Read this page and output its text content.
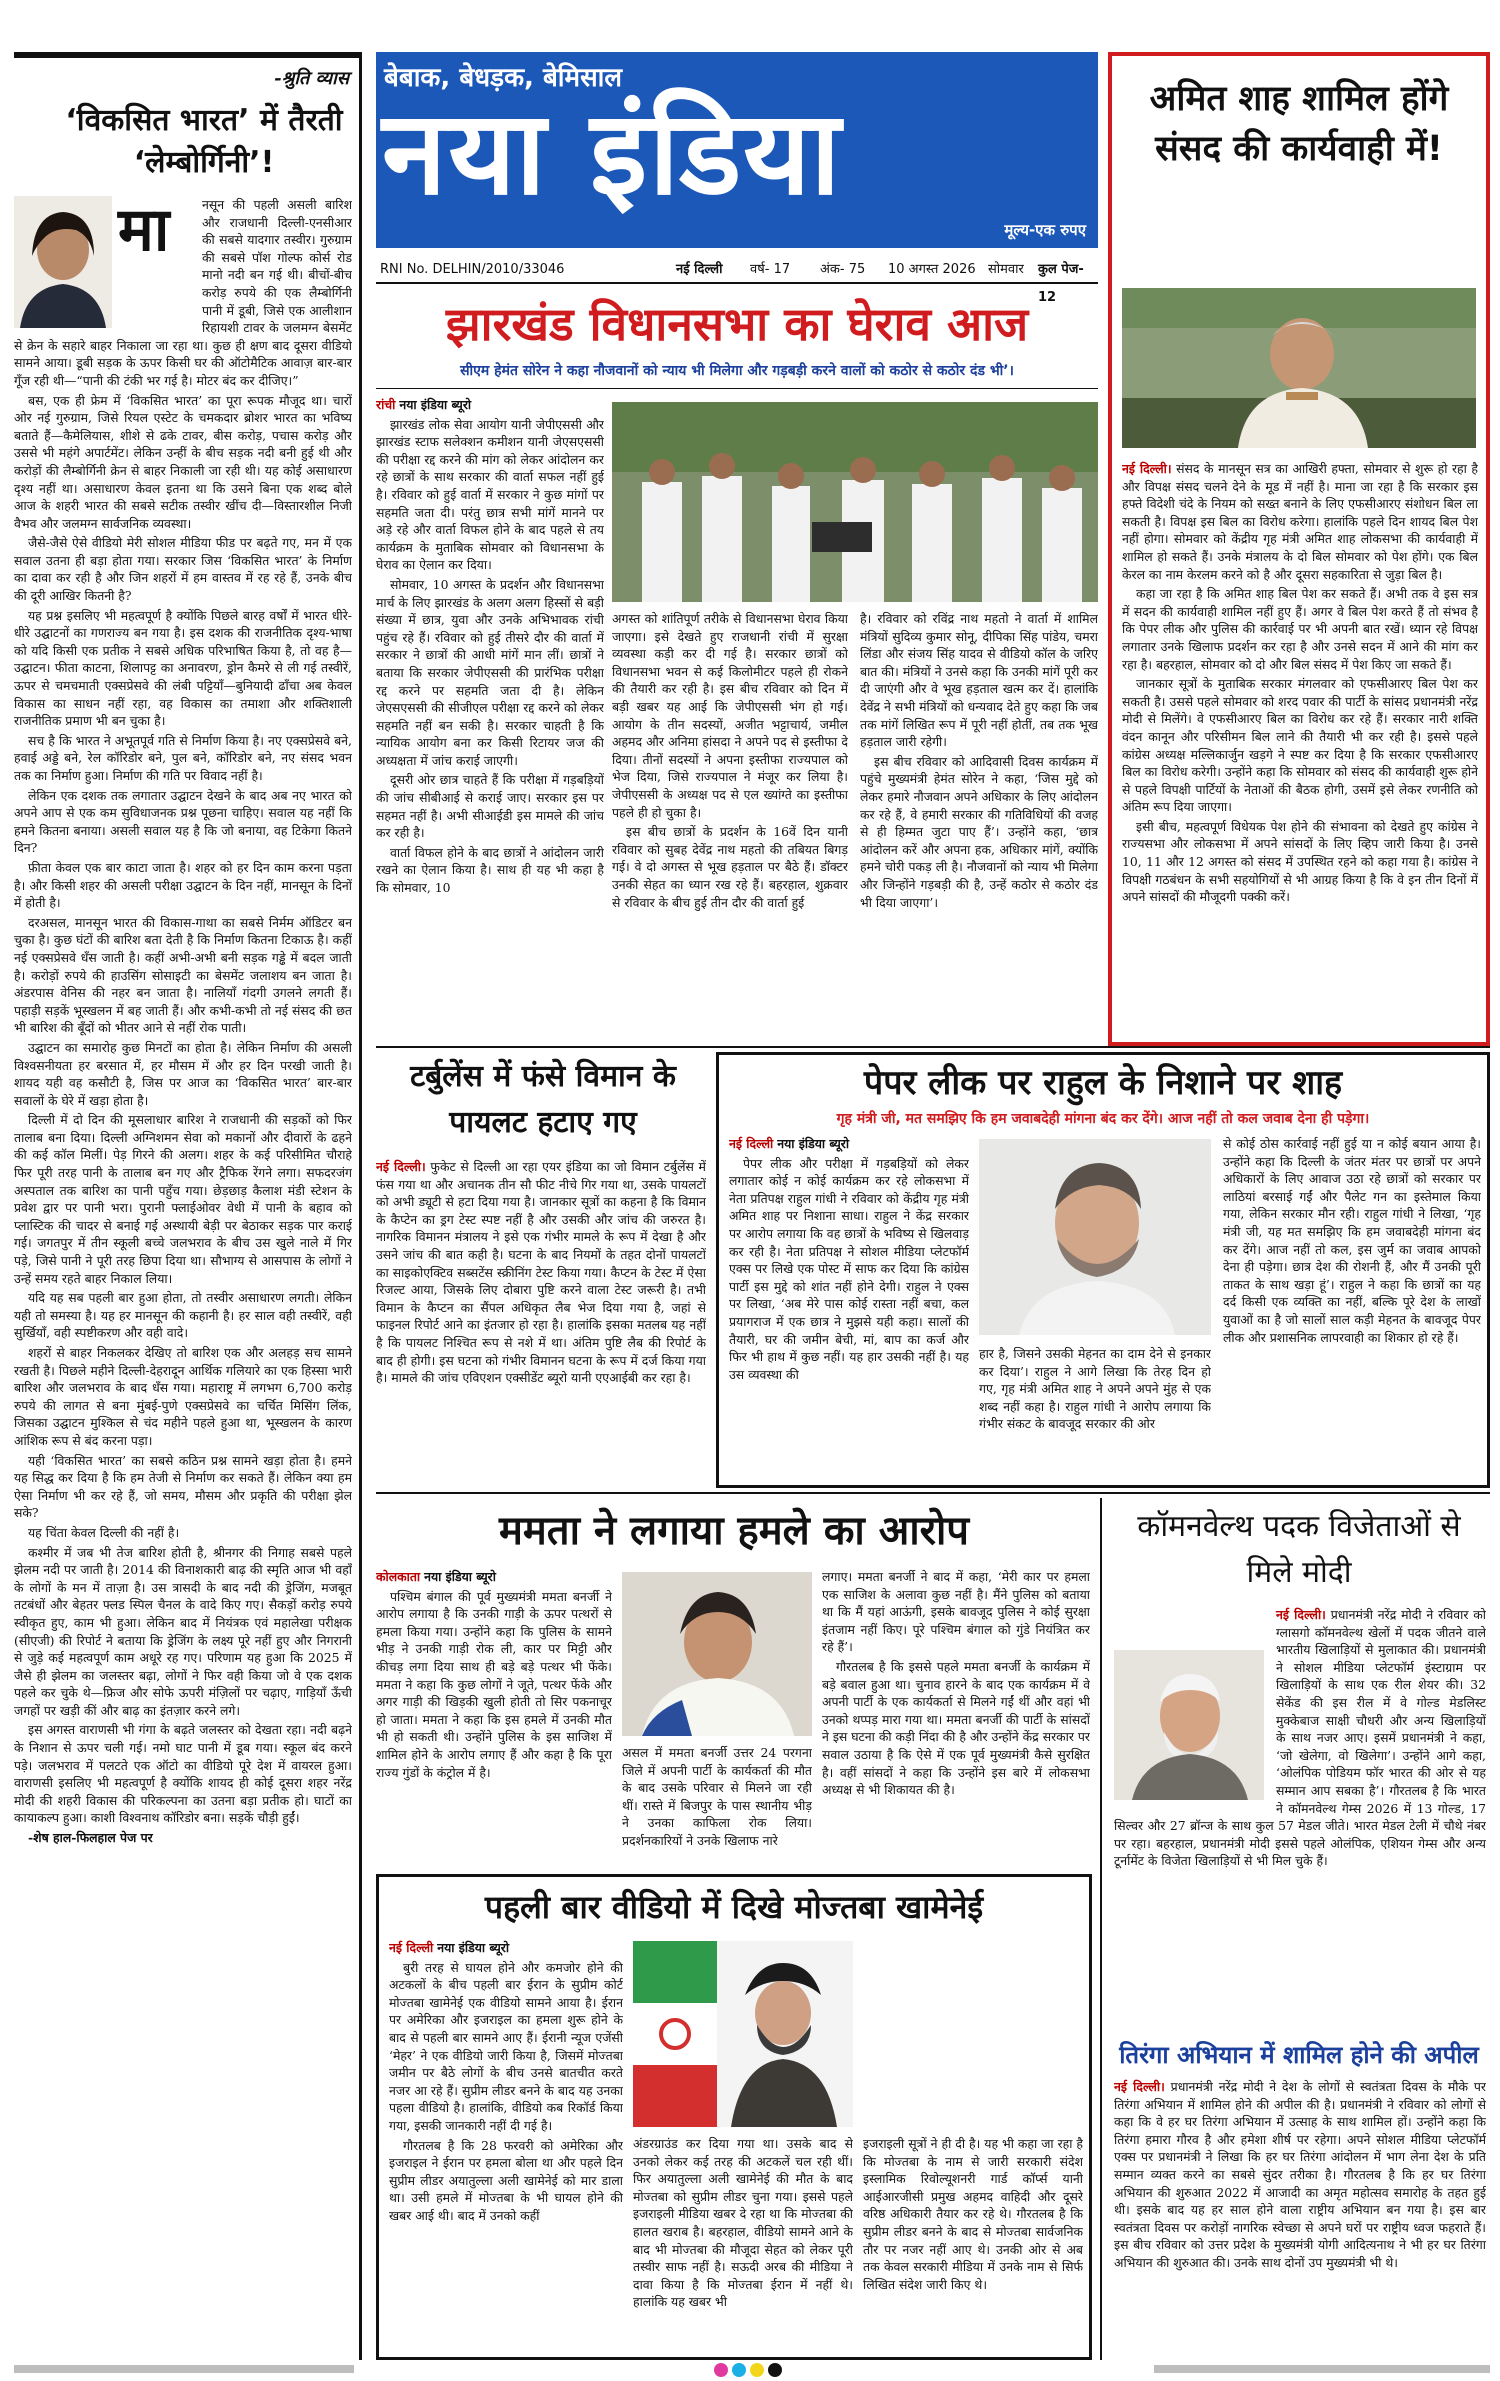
-श्रुति व्यास
‘विकसित भारत’ में तैरती ‘लेम्बोर्गिनी’!
मा	नसून की पहली असली बारिश और राजधानी दिल्ली-एनसीआर की सबसे यादगार तस्वीर। गुरुग्राम की सबसे पॉश गोल्फ कोर्स रोड मानो नदी बन गई थी। बीचों-बीच करोड़ रुपये की एक लैम्बोर्गिनी पानी में डूबी, जिसे एक आलीशान रिहायशी टावर के जलमग्न बेसमेंट से क्रेन के सहारे बाहर निकाला जा रहा था। कुछ ही क्षण बाद दूसरा वीडियो सामने आया। डूबी सड़क के ऊपर किसी घर की ऑटोमैटिक आवाज़ बार-बार गूँज रही थी—“पानी की टंकी भर गई है। मोटर बंद कर दीजिए।”

बस, एक ही फ्रेम में ‘विकसित भारत’ का पूरा रूपक मौजूद था। चारों ओर नई गुरुग्राम, जिसे रियल एस्टेट के चमकदार ब्रोशर भारत का भविष्य बताते हैं—कैमेलियास, शीशे से ढके टावर, बीस करोड़, पचास करोड़ और उससे भी महंगे अपार्टमेंट। लेकिन उन्हीं के बीच सड़क नदी बनी हुई थी और करोड़ों की लैम्बोर्गिनी क्रेन से बाहर निकाली जा रही थी। यह कोई असाधारण दृश्य नहीं था। असाधारण केवल इतना था कि उसने बिना एक शब्द बोले आज के शहरी भारत की सबसे सटीक तस्वीर खींच दी—विस्तारशील निजी वैभव और जलमग्न सार्वजनिक व्यवस्था।

जैसे-जैसे ऐसे वीडियो मेरी सोशल मीडिया फीड पर बढ़ते गए, मन में एक सवाल उतना ही बड़ा होता गया। सरकार जिस ‘विकसित भारत’ के निर्माण का दावा कर रही है और जिन शहरों में हम वास्तव में रह रहे हैं, उनके बीच की दूरी आखिर कितनी है?

यह प्रश्न इसलिए भी महत्वपूर्ण है क्योंकि पिछले बारह वर्षों में भारत धीरे-धीरे उद्घाटनों का गणराज्य बन गया है। इस दशक की राजनीतिक दृश्य-भाषा को यदि किसी एक प्रतीक ने सबसे अधिक परिभाषित किया है, तो वह है—उद्घाटन। फीता काटना, शिलापट्ट का अनावरण, ड्रोन कैमरे से ली गई तस्वीरें, ऊपर से चमचमाती एक्सप्रेसवे की लंबी पट्टियाँ—बुनियादी ढाँचा अब केवल विकास का साधन नहीं रहा, वह विकास का तमाशा और शक्तिशाली राजनीतिक प्रमाण भी बन चुका है।

सच है कि भारत ने अभूतपूर्व गति से निर्माण किया है। नए एक्सप्रेसवे बने, हवाई अड्डे बने, रेल कॉरिडोर बने, पुल बने, कॉरिडोर बने, नए संसद भवन तक का निर्माण हुआ। निर्माण की गति पर विवाद नहीं है।

लेकिन एक दशक तक लगातार उद्घाटन देखने के बाद अब नए भारत को अपने आप से एक कम सुविधाजनक प्रश्न पूछना चाहिए। सवाल यह नहीं कि हमने कितना बनाया। असली सवाल यह है कि जो बनाया, वह टिकेगा कितने दिन?

फ़ीता केवल एक बार काटा जाता है। शहर को हर दिन काम करना पड़ता है। और किसी शहर की असली परीक्षा उद्घाटन के दिन नहीं, मानसून के दिनों में होती है।

दरअसल, मानसून भारत की विकास-गाथा का सबसे निर्मम ऑडिटर बन चुका है। कुछ घंटों की बारिश बता देती है कि निर्माण कितना टिकाऊ है। कहीं नई एक्सप्रेसवे धँस जाती है। कहीं अभी-अभी बनी सड़क गड्ढे में बदल जाती है। करोड़ों रुपये की हाउसिंग सोसाइटी का बेसमेंट जलाशय बन जाता है। अंडरपास वेनिस की नहर बन जाता है। नालियाँ गंदगी उगलने लगती हैं। पहाड़ी सड़कें भूस्खलन में बह जाती हैं। और कभी-कभी तो नई संसद की छत भी बारिश की बूँदों को भीतर आने से नहीं रोक पाती।

उद्घाटन का समारोह कुछ मिनटों का होता है। लेकिन निर्माण की असली विश्वसनीयता हर बरसात में, हर मौसम में और हर दिन परखी जाती है। शायद यही वह कसौटी है, जिस पर आज का ‘विकसित भारत’ बार-बार सवालों के घेरे में खड़ा होता है।

दिल्ली में दो दिन की मूसलाधार बारिश ने राजधानी की सड़कों को फिर तालाब बना दिया। दिल्ली अग्निशमन सेवा को मकानों और दीवारों के ढहने की कई कॉल मिलीं। पेड़ गिरने की अलग। शहर के कई परिसीमित चौराहे फिर पूरी तरह पानी के तालाब बन गए और ट्रैफिक रेंगने लगा। सफदरजंग अस्पताल तक बारिश का पानी पहुँच गया। छेड़छाड़ कैलाश मंडी स्टेशन के प्रवेश द्वार पर पानी भरा। पुरानी फ्लाईओवर वेधी में पानी के बहाव को प्लास्टिक की चादर से बनाई गई अस्थायी बेड़ी पर बेठाकर सड़क पार कराई गई। जगतपुर में तीन स्कूली बच्चे जलभराव के बीच उस खुले नाले में गिर पड़े, जिसे पानी ने पूरी तरह छिपा दिया था। सौभाग्य से आसपास के लोगों ने उन्हें समय रहते बाहर निकाल लिया।

यदि यह सब पहली बार हुआ होता, तो तस्वीर असाधारण लगती। लेकिन यही तो समस्या है। यह हर मानसून की कहानी है। हर साल वही तस्वीरें, वही सुर्खियाँ, वही स्पष्टीकरण और वही वादे।

शहरों से बाहर निकलकर देखिए तो बारिश एक और अलहड़ सच सामने रखती है। पिछले महीने दिल्ली-देहरादून आर्थिक गलियारे का एक हिस्सा भारी बारिश और जलभराव के बाद धँस गया। महाराष्ट्र में लगभग 6,700 करोड़ रुपये की लागत से बना मुंबई-पुणे एक्सप्रेसवे का चर्चित मिसिंग लिंक, जिसका उद्घाटन मुश्किल से चंद महीने पहले हुआ था, भूस्खलन के कारण आंशिक रूप से बंद करना पड़ा।

यही ‘विकसित भारत’ का सबसे कठिन प्रश्न सामने खड़ा होता है। हमने यह सिद्ध कर दिया है कि हम तेजी से निर्माण कर सकते हैं। लेकिन क्या हम ऐसा निर्माण भी कर रहे हैं, जो समय, मौसम और प्रकृति की परीक्षा झेल सके?

यह चिंता केवल दिल्ली की नहीं है।

कश्मीर में जब भी तेज बारिश होती है, श्रीनगर की निगाह सबसे पहले झेलम नदी पर जाती है। 2014 की विनाशकारी बाढ़ की स्मृति आज भी वहाँ के लोगों के मन में ताज़ा है। उस त्रासदी के बाद नदी की ड्रेजिंग, मजबूत तटबंधों और बेहतर फ्लड स्पिल चैनल के वादे किए गए। सैकड़ों करोड़ रुपये स्वीकृत हुए, काम भी हुआ। लेकिन बाद में नियंत्रक एवं महालेखा परीक्षक (सीएजी) की रिपोर्ट ने बताया कि ड्रेजिंग के लक्ष्य पूरे नहीं हुए और निगरानी से जुड़े कई महत्वपूर्ण काम अधूरे रह गए। परिणाम यह हुआ कि 2025 में जैसे ही झेलम का जलस्तर बढ़ा, लोगों ने फिर वही किया जो वे एक दशक पहले कर चुके थे—फ्रिज और सोफे ऊपरी मंज़िलों पर चढ़ाए, गाड़ियाँ ऊँची जगहों पर खड़ी कीं और बाढ़ का इंतज़ार करने लगे।

इस अगस्त वाराणसी भी गंगा के बढ़ते जलस्तर को देखता रहा। नदी बढ़ने के निशान से ऊपर चली गई। नमो घाट पानी में डूब गया। स्कूल बंद करने पड़े। जलभराव में पलटते एक ऑटो का वीडियो पूरे देश में वायरल हुआ। वाराणसी इसलिए भी महत्वपूर्ण है क्योंकि शायद ही कोई दूसरा शहर नरेंद्र मोदी की शहरी विकास की परिकल्पना का उतना बड़ा प्रतीक हो। घाटों का कायाकल्प हुआ। काशी विश्वनाथ कॉरिडोर बना। सड़कें चौड़ी हुईं।

-शेष हाल-फिलहाल पेज पर

बेबाक, बेधड़क, बेमिसाल
नया इंडिया
मूल्य-एक रुपए
RNI No. DELHIN/2010/33046	नई दिल्ली वर्ष- 17 अंक- 75 10 अगस्त 2026 सोमवार कुल पेज- 12
अमित शाह शामिल होंगे संसद की कार्यवाही में!

नई दिल्ली। संसद के मानसून सत्र का आखिरी हफ्ता, सोमवार से शुरू हो रहा है और विपक्ष संसद चलने देने के मूड में नहीं है। माना जा रहा है कि सरकार इस हफ्ते विदेशी चंदे के नियम को सख्त बनाने के लिए एफसीआरए संशोधन बिल ला सकती है। विपक्ष इस बिल का विरोध करेगा। हालांकि पहले दिन शायद बिल पेश नहीं होगा। सोमवार को केंद्रीय गृह मंत्री अमित शाह लोकसभा की कार्यवाही में शामिल हो सकते हैं। उनके मंत्रालय के दो बिल सोमवार को पेश होंगे। एक बिल केरल का नाम केरलम करने को है और दूसरा सहकारिता से जुड़ा बिल है।

कहा जा रहा है कि अमित शाह बिल पेश कर सकते हैं। अभी तक वे इस सत्र में सदन की कार्यवाही शामिल नहीं हुए हैं। अगर वे बिल पेश करते हैं तो संभव है कि पेपर लीक और पुलिस की कार्रवाई पर भी अपनी बात रखें। ध्यान रहे विपक्ष लगातार उनके खिलाफ प्रदर्शन कर रहा है और उनसे सदन में आने की मांग कर रहा है। बहरहाल, सोमवार को दो और बिल संसद में पेश किए जा सकते हैं।

जानकार सूत्रों के मुताबिक सरकार मंगलवार को एफसीआरए बिल पेश कर सकती है। उससे पहले सोमवार को शरद पवार की पार्टी के सांसद प्रधानमंत्री नरेंद्र मोदी से मिलेंगे। वे एफसीआरए बिल का विरोध कर रहे हैं। सरकार नारी शक्ति वंदन कानून और परिसीमन बिल लाने की तैयारी भी कर रही है। इससे पहले कांग्रेस अध्यक्ष मल्लिकार्जुन खड़गे ने स्पष्ट कर दिया है कि सरकार एफसीआरए बिल का विरोध करेगी। उन्होंने कहा कि सोमवार को संसद की कार्यवाही शुरू होने से पहले विपक्षी पार्टियों के नेताओं की बैठक होगी, उसमें इसे लेकर रणनीति को अंतिम रूप दिया जाएगा।

इसी बीच, महत्वपूर्ण विधेयक पेश होने की संभावना को देखते हुए कांग्रेस ने राज्यसभा और लोकसभा में अपने सांसदों के लिए व्हिप जारी किया है। उनसे 10, 11 और 12 अगस्त को संसद में उपस्थित रहने को कहा गया है। कांग्रेस ने विपक्षी गठबंधन के सभी सहयोगियों से भी आग्रह किया है कि वे इन तीन दिनों में अपने सांसदों की मौजूदगी पक्की करें।

झारखंड विधानसभा का घेराव आज
सीएम हेमंत सोरेन ने कहा नौजवानों को न्याय भी मिलेगा और गड़बड़ी करने वालों को कठोर से कठोर दंड भी’।

रांची नया इंडिया ब्यूरो

झारखंड लोक सेवा आयोग यानी जेपीएससी और झारखंड स्टाफ सलेक्शन कमीशन यानी जेएसएससी की परीक्षा रद्द करने की मांग को लेकर आंदोलन कर रहे छात्रों के साथ सरकार की वार्ता सफल नहीं हुई है। रविवार को हुई वार्ता में सरकार ने कुछ मांगों पर सहमति जता दी। परंतु छात्र सभी मांगें मानने पर अड़े रहे और वार्ता विफल होने के बाद पहले से तय कार्यक्रम के मुताबिक सोमवार को विधानसभा के घेराव का ऐलान कर दिया।

सोमवार, 10 अगस्त के प्रदर्शन और विधानसभा मार्च के लिए झारखंड के अलग अलग हिस्सों से बड़ी संख्या में छात्र, युवा और उनके अभिभावक रांची पहुंच रहे हैं। रविवार को हुई तीसरे दौर की वार्ता में सरकार ने छात्रों की आधी मांगें मान लीं। छात्रों ने बताया कि सरकार जेपीएससी की प्रारंभिक परीक्षा रद्द करने पर सहमति जता दी है। लेकिन जेएसएससी की सीजीएल परीक्षा रद्द करने को लेकर सहमति नहीं बन सकी है। सरकार चाहती है कि न्यायिक आयोग बना कर किसी रिटायर जज की अध्यक्षता में जांच कराई जाएगी।

दूसरी ओर छात्र चाहते हैं कि परीक्षा में गड़बड़ियों की जांच सीबीआई से कराई जाए। सरकार इस पर सहमत नहीं है। अभी सीआईडी इस मामले की जांच कर रही है।

वार्ता विफल होने के बाद छात्रों ने आंदोलन जारी रखने का ऐलान किया है। साथ ही यह भी कहा है कि सोमवार, 10

अगस्त को शांतिपूर्ण तरीके से विधानसभा घेराव किया जाएगा। इसे देखते हुए राजधानी रांची में सुरक्षा व्यवस्था कड़ी कर दी गई है। सरकार छात्रों को विधानसभा भवन से कई किलोमीटर पहले ही रोकने की तैयारी कर रही है। इस बीच रविवार को दिन में बड़ी खबर यह आई कि जेपीएससी भंग हो गई। आयोग के तीन सदस्यों, अजीत भट्टाचार्य, जमील अहमद और अनिमा हांसदा ने अपने पद से इस्तीफा दे दिया। तीनों सदस्यों ने अपना इस्तीफा राज्यपाल को भेज दिया, जिसे राज्यपाल ने मंजूर कर लिया है। जेपीएससी के अध्यक्ष पद से एल ख्यांग्ते का इस्तीफा पहले ही हो चुका है।

इस बीच छात्रों के प्रदर्शन के 16वें दिन यानी रविवार को सुबह देवेंद्र नाथ महतो की तबियत बिगड़ गई। वे दो अगस्त से भूख हड़ताल पर बैठे हैं। डॉक्टर उनकी सेहत का ध्यान रख रहे हैं। बहरहाल, शुक्रवार से रविवार के बीच हुई तीन दौर की वार्ता हुई

है। रविवार को रविंद्र नाथ महतो ने वार्ता में शामिल मंत्रियों सुदिव्य कुमार सोनू, दीपिका सिंह पांडेय, चमरा लिंडा और संजय सिंह यादव से वीडियो कॉल के जरिए बात की। मंत्रियों ने उनसे कहा कि उनकी मांगें पूरी कर दी जाएंगी और वे भूख हड़ताल खत्म कर दें। हालांकि देवेंद्र ने सभी मंत्रियों को धन्यवाद देते हुए कहा कि जब तक मांगें लिखित रूप में पूरी नहीं होतीं, तब तक भूख हड़ताल जारी रहेगी।

इस बीच रविवार को आदिवासी दिवस कार्यक्रम में पहुंचे मुख्यमंत्री हेमंत सोरेन ने कहा, ‘जिस मुद्दे को लेकर हमारे नौजवान अपने अधिकार के लिए आंदोलन कर रहे हैं, वे हमारी सरकार की गतिविधियों की वजह से ही हिम्मत जुटा पाए हैं’। उन्होंने कहा, ‘छात्र आंदोलन करें और अपना हक, अधिकार मांगें, क्योंकि हमने चोरी पकड़ ली है। नौजवानों को न्याय भी मिलेगा और जिन्होंने गड़बड़ी की है, उन्हें कठोर से कठोर दंड भी दिया जाएगा’।

टर्बुलेंस में फंसे विमान के पायलट हटाए गए

नई दिल्ली। फुकेट से दिल्ली आ रहा एयर इंडिया का जो विमान टर्बुलेंस में फंस गया था और अचानक तीन सौ फीट नीचे गिर गया था, उसके पायलटों को अभी ड्यूटी से हटा दिया गया है। जानकार सूत्रों का कहना है कि विमान के कैप्टेन का ड्रग टेस्ट स्पष्ट नहीं है और उसकी और जांच की जरुरत है। नागरिक विमानन मंत्रालय ने इसे एक गंभीर मामले के रूप में देखा है और उसने जांच की बात कही है। घटना के बाद नियमों के तहत दोनों पायलटों का साइकोएक्टिव सब्सटेंस स्क्रीनिंग टेस्ट किया गया। कैप्टन के टेस्ट में ऐसा रिजल्ट आया, जिसके लिए दोबारा पुष्टि करने वाला टेस्ट जरूरी है। तभी विमान के कैप्टन का सैंपल अधिकृत लैब भेज दिया गया है, जहां से फाइनल रिपोर्ट आने का इंतजार हो रहा है। हालांकि इसका मतलब यह नहीं है कि पायलट निश्चित रूप से नशे में था। अंतिम पुष्टि लैब की रिपोर्ट के बाद ही होगी। इस घटना को गंभीर विमानन घटना के रूप में दर्ज किया गया है। मामले की जांच एविएशन एक्सीडेंट ब्यूरो यानी एएआईबी कर रहा है।

पेपर लीक पर राहुल के निशाने पर शाह
गृह मंत्री जी, मत समझिए कि हम जवाबदेही मांगना बंद कर देंगे। आज नहीं तो कल जवाब देना ही पड़ेगा।

नई दिल्ली नया इंडिया ब्यूरो

पेपर लीक और परीक्षा में गड़बड़ियों को लेकर लगातार कोई न कोई कार्यक्रम कर रहे लोकसभा में नेता प्रतिपक्ष राहुल गांधी ने रविवार को केंद्रीय गृह मंत्री अमित शाह पर निशाना साधा। राहुल ने केंद्र सरकार पर आरोप लगाया कि वह छात्रों के भविष्य से खिलवाड़ कर रही है। नेता प्रतिपक्ष ने सोशल मीडिया प्लेटफॉर्म एक्स पर लिखे एक पोस्ट में साफ कर दिया कि कांग्रेस पार्टी इस मुद्दे को शांत नहीं होने देगी। राहुल ने एक्स पर लिखा, ‘अब मेरे पास कोई रास्ता नहीं बचा, कल प्रयागराज में एक छात्र ने मुझसे यही कहा। सालों की तैयारी, घर की जमीन बेची, मां, बाप का कर्ज और फिर भी हाथ में कुछ नहीं। यह हार उसकी नहीं है। यह उस व्यवस्था की

हार है, जिसने उसकी मेहनत का दाम देने से इनकार कर दिया’। राहुल ने आगे लिखा कि तेरह दिन हो गए, गृह मंत्री अमित शाह ने अपने अपने मुंह से एक शब्द नहीं कहा है। राहुल गांधी ने आरोप लगाया कि गंभीर संकट के बावजूद सरकार की ओर

से कोई ठोस कार्रवाई नहीं हुई या न कोई बयान आया है। उन्होंने कहा कि दिल्ली के जंतर मंतर पर छात्रों पर अपने अधिकारों के लिए आवाज उठा रहे छात्रों को सरकार पर लाठियां बरसाई गईं और पैलेट गन का इस्तेमाल किया गया, लेकिन सरकार मौन रही। राहुल गांधी ने लिखा, ‘गृह मंत्री जी, यह मत समझिए कि हम जवाबदेही मांगना बंद कर देंगे। आज नहीं तो कल, इस जुर्म का जवाब आपको देना ही पड़ेगा। छात्र देश की रोशनी हैं, और मैं उनकी पूरी ताकत के साथ खड़ा हूं’। राहुल ने कहा कि छात्रों का यह दर्द किसी एक व्यक्ति का नहीं, बल्कि पूरे देश के लाखों युवाओं का है जो सालों साल कड़ी मेहनत के बावजूद पेपर लीक और प्रशासनिक लापरवाही का शिकार हो रहे हैं।

ममता ने लगाया हमले का आरोप

कोलकाता नया इंडिया ब्यूरो

पश्चिम बंगाल की पूर्व मुख्यमंत्री ममता बनर्जी ने आरोप लगाया है कि उनकी गाड़ी के ऊपर पत्थरों से हमला किया गया। उन्होंने कहा कि पुलिस के सामने भीड़ ने उनकी गाड़ी रोक ली, कार पर मिट्टी और कीचड़ लगा दिया साथ ही बड़े बड़े पत्थर भी फेंके। ममता ने कहा कि कुछ लोगों ने जूते, पत्थर फेंके और अगर गाड़ी की खिड़की खुली होती तो सिर पकनाचूर हो जाता। ममता ने कहा कि इस हमले में उनकी मौत भी हो सकती थी। उन्होंने पुलिस के इस साजिश में शामिल होने के आरोप लगाए हैं और कहा है कि पूरा राज्य गुंडों के कंट्रोल में है।

असल में ममता बनर्जी उत्तर 24 परगना जिले में अपनी पार्टी के कार्यकर्ता की मौत के बाद उसके परिवार से मिलने जा रही थीं। रास्ते में बिजपुर के पास स्थानीय भीड़ ने उनका काफिला रोक लिया। प्रदर्शनकारियों ने उनके खिलाफ नारे

लगाए। ममता बनर्जी ने बाद में कहा, ‘मेरी कार पर हमला एक साजिश के अलावा कुछ नहीं है। मैंने पुलिस को बताया था कि मैं यहां आऊंगी, इसके बावजूद पुलिस ने कोई सुरक्षा इंतजाम नहीं किए। पूरे पश्चिम बंगाल को गुंडे नियंत्रित कर रहे हैं’।

गौरतलब है कि इससे पहले ममता बनर्जी के कार्यक्रम में बड़े बवाल हुआ था। चुनाव हारने के बाद एक कार्यक्रम में वे अपनी पार्टी के एक कार्यकर्ता से मिलने गईं थीं और वहां भी उनको थप्पड़ मारा गया था। ममता बनर्जी की पार्टी के सांसदों ने इस घटना की कड़ी निंदा की है और उन्होंने केंद्र सरकार पर सवाल उठाया है कि ऐसे में एक पूर्व मुख्यमंत्री कैसे सुरक्षित है। वहीं सांसदों ने कहा कि उन्होंने इस बारे में लोकसभा अध्यक्ष से भी शिकायत की है।

कॉमनवेल्थ पदक विजेताओं से मिले मोदी

नई दिल्ली। प्रधानमंत्री नरेंद्र मोदी ने रविवार को ग्लासगो कॉमनवेल्थ खेलों में पदक जीतने वाले भारतीय खिलाड़ियों से मुलाकात की। प्रधानमंत्री ने सोशल मीडिया प्लेटफॉर्म इंस्टाग्राम पर खिलाड़ियों के साथ एक रील शेयर की। 32 सेकेंड की इस रील में वे गोल्ड मेडलिस्ट मुक्केबाज साक्षी चौधरी और अन्य खिलाड़ियों के साथ नजर आए। इसमें प्रधानमंत्री ने कहा, ‘जो खेलेगा, वो खिलेगा’। उन्होंने आगे कहा, ‘ओलंपिक पोडियम फॉर भारत की ओर से यह सम्मान आप सबका है’। गौरतलब है कि भारत ने कॉमनवेल्थ गेम्स 2026 में 13 गोल्ड, 17 सिल्वर और 27 ब्रॉन्ज के साथ कुल 57 मेडल जीते। भारत मेडल टेली में चौथे नंबर पर रहा। बहरहाल, प्रधानमंत्री मोदी इससे पहले ओलंपिक, एशियन गेम्स और अन्य टूर्नामेंट के विजेता खिलाड़ियों से भी मिल चुके हैं।

तिरंगा अभियान में शामिल होने की अपील

नई दिल्ली। प्रधानमंत्री नरेंद्र मोदी ने देश के लोगों से स्वतंत्रता दिवस के मौके पर तिरंगा अभियान में शामिल होने की अपील की है। प्रधानमंत्री ने रविवार को लोगों से कहा कि वे हर घर तिरंगा अभियान में उत्साह के साथ शामिल हों। उन्होंने कहा कि तिरंगा हमारा गौरव है और हमेशा शीर्ष पर रहेगा। अपने सोशल मीडिया प्लेटफॉर्म एक्स पर प्रधानमंत्री ने लिखा कि हर घर तिरंगा आंदोलन में भाग लेना देश के प्रति सम्मान व्यक्त करने का सबसे सुंदर तरीका है। गौरतलब है कि हर घर तिरंगा अभियान की शुरुआत 2022 में आजादी का अमृत महोत्सव समारोह के तहत हुई थी। इसके बाद यह हर साल होने वाला राष्ट्रीय अभियान बन गया है। इस बार स्वतंत्रता दिवस पर करोड़ों नागरिक स्वेच्छा से अपने घरों पर राष्ट्रीय ध्वज फहराते हैं। इस बीच रविवार को उत्तर प्रदेश के मुख्यमंत्री योगी आदित्यनाथ ने भी हर घर तिरंगा अभियान की शुरुआत की। उनके साथ दोनों उप मुख्यमंत्री भी थे।

पहली बार वीडियो में दिखे मोज्तबा खामेनेई

नई दिल्ली नया इंडिया ब्यूरो

बुरी तरह से घायल होने और कमजोर होने की अटकलों के बीच पहली बार ईरान के सुप्रीम कोर्ट मोज्तबा खामेनेई एक वीडियो सामने आया है। ईरान पर अमेरिका और इजराइल का हमला शुरू होने के बाद से पहली बार सामने आए हैं। ईरानी न्यूज एजेंसी ‘मेहर’ ने एक वीडियो जारी किया है, जिसमें मोज्तबा जमीन पर बैठे लोगों के बीच उनसे बातचीत करते नजर आ रहे हैं। सुप्रीम लीडर बनने के बाद यह उनका पहला वीडियो है। हालांकि, वीडियो कब रिकॉर्ड किया गया, इसकी जानकारी नहीं दी गई है।

गौरतलब है कि 28 फरवरी को अमेरिका और इजराइल ने ईरान पर हमला बोला था और पहले दिन सुप्रीम लीडर अयातुल्ला अली खामेनेई को मार डाला था। उसी हमले में मोज्तबा के भी घायल होने की खबर आई थी। बाद में उनको कहीं

अंडरग्राउंड कर दिया गया था। उसके बाद से उनको लेकर कई तरह की अटकलें चल रही थीं। फिर अयातुल्ला अली खामेनेई की मौत के बाद मोज्तबा को सुप्रीम लीडर चुना गया। इससे पहले इजराइली मीडिया खबर दे रहा था कि मोज्तबा की हालत खराब है। बहरहाल, वीडियो सामने आने के बाद भी मोज्तबा की मौजूदा सेहत को लेकर पूरी तस्वीर साफ नहीं है। सऊदी अरब की मीडिया ने दावा किया है कि मोज्तबा ईरान में नहीं थे। हालांकि यह खबर भी

इजराइली सूत्रों ने ही दी है। यह भी कहा जा रहा है कि मोज्तबा के नाम से जारी सरकारी संदेश इस्लामिक रिवोल्यूशनरी गार्ड कॉर्प्स यानी आईआरजीसी प्रमुख अहमद वाहिदी और दूसरे वरिष्ठ अधिकारी तैयार कर रहे थे। गौरतलब है कि सुप्रीम लीडर बनने के बाद से मोज्तबा सार्वजनिक तौर पर नजर नहीं आए थे। उनकी ओर से अब तक केवल सरकारी मीडिया में उनके नाम से सिर्फ लिखित संदेश जारी किए थे।
